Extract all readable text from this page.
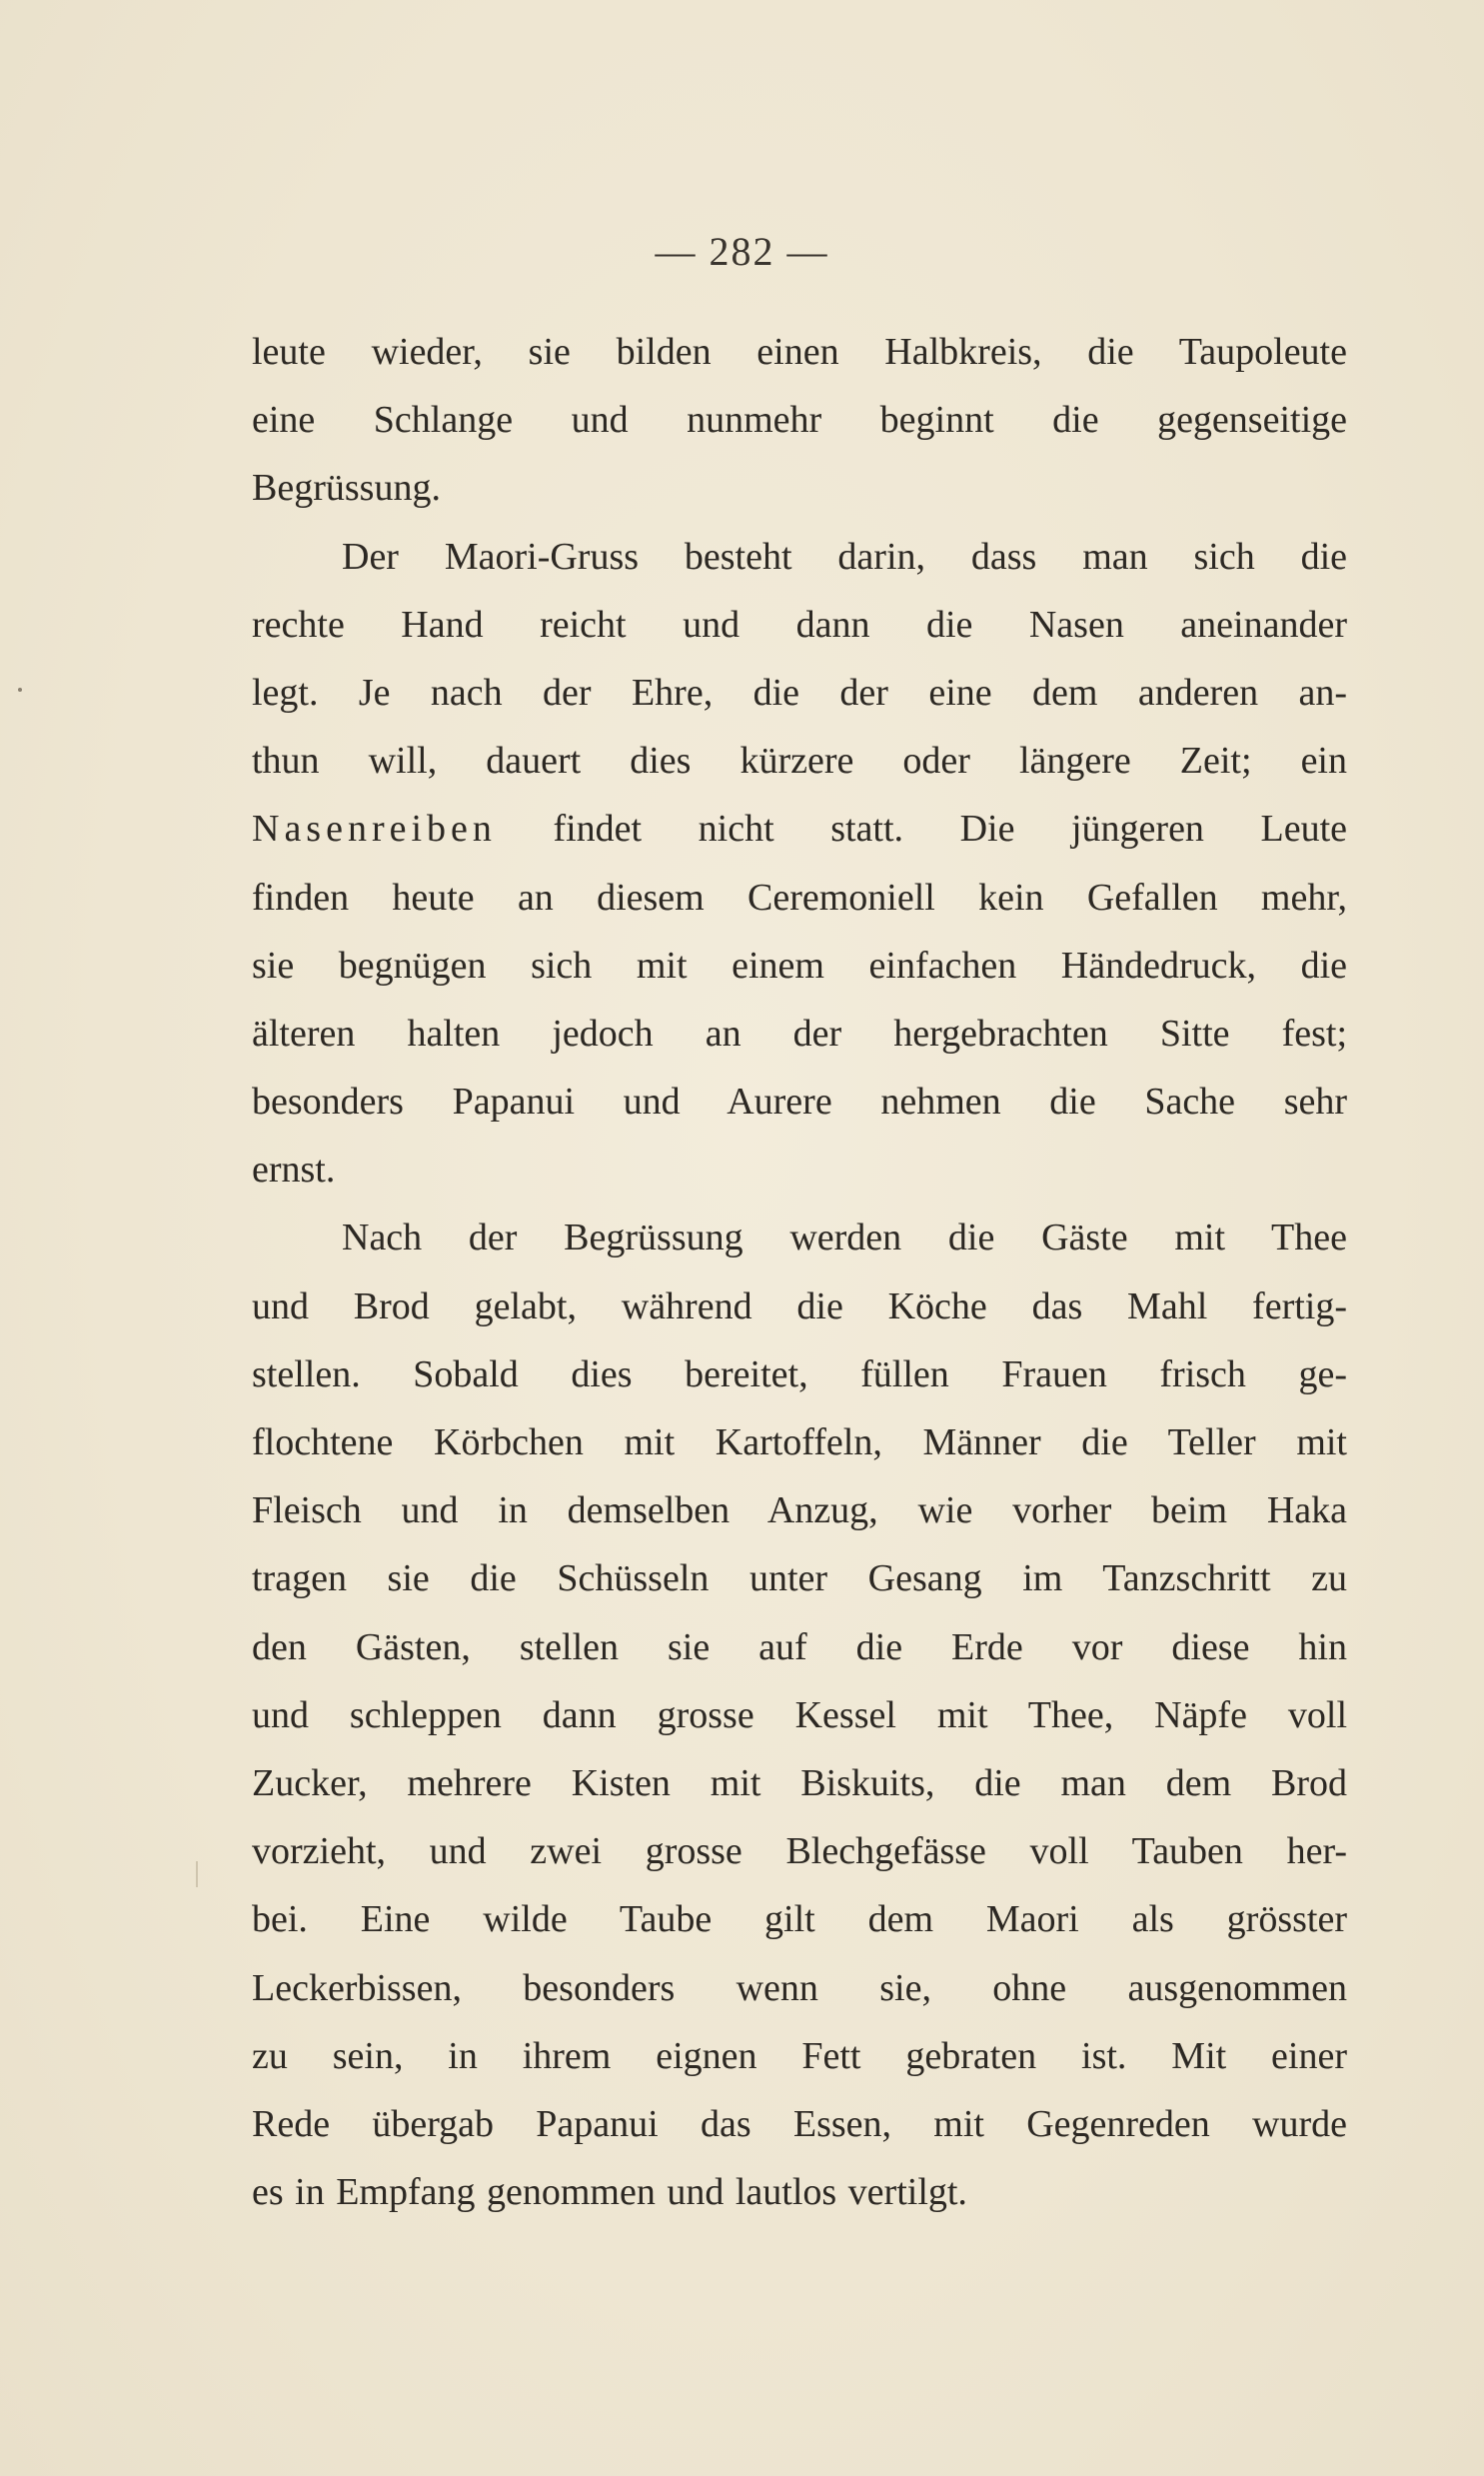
— 282 —
leute wieder, sie bilden einen Halbkreis, die Taupoleute
eine Schlange und nunmehr beginnt die gegenseitige
Begrüssung.
Der Maori-Gruss besteht darin, dass man sich die
rechte Hand reicht und dann die Nasen aneinander
legt. Je nach der Ehre, die der eine dem anderen an-
thun will, dauert dies kürzere oder längere Zeit; ein
Nasenreiben findet nicht statt. Die jüngeren Leute
finden heute an diesem Ceremoniell kein Gefallen mehr,
sie begnügen sich mit einem einfachen Händedruck, die
älteren halten jedoch an der hergebrachten Sitte fest;
besonders Papanui und Aurere nehmen die Sache sehr
ernst.
Nach der Begrüssung werden die Gäste mit Thee
und Brod gelabt, während die Köche das Mahl fertig-
stellen. Sobald dies bereitet, füllen Frauen frisch ge-
flochtene Körbchen mit Kartoffeln, Männer die Teller mit
Fleisch und in demselben Anzug, wie vorher beim Haka
tragen sie die Schüsseln unter Gesang im Tanzschritt zu
den Gästen, stellen sie auf die Erde vor diese hin
und schleppen dann grosse Kessel mit Thee, Näpfe voll
Zucker, mehrere Kisten mit Biskuits, die man dem Brod
vorzieht, und zwei grosse Blechgefässe voll Tauben her-
bei. Eine wilde Taube gilt dem Maori als grösster
Leckerbissen, besonders wenn sie, ohne ausgenommen
zu sein, in ihrem eignen Fett gebraten ist. Mit einer
Rede übergab Papanui das Essen, mit Gegenreden wurde
es in Empfang genommen und lautlos vertilgt.
